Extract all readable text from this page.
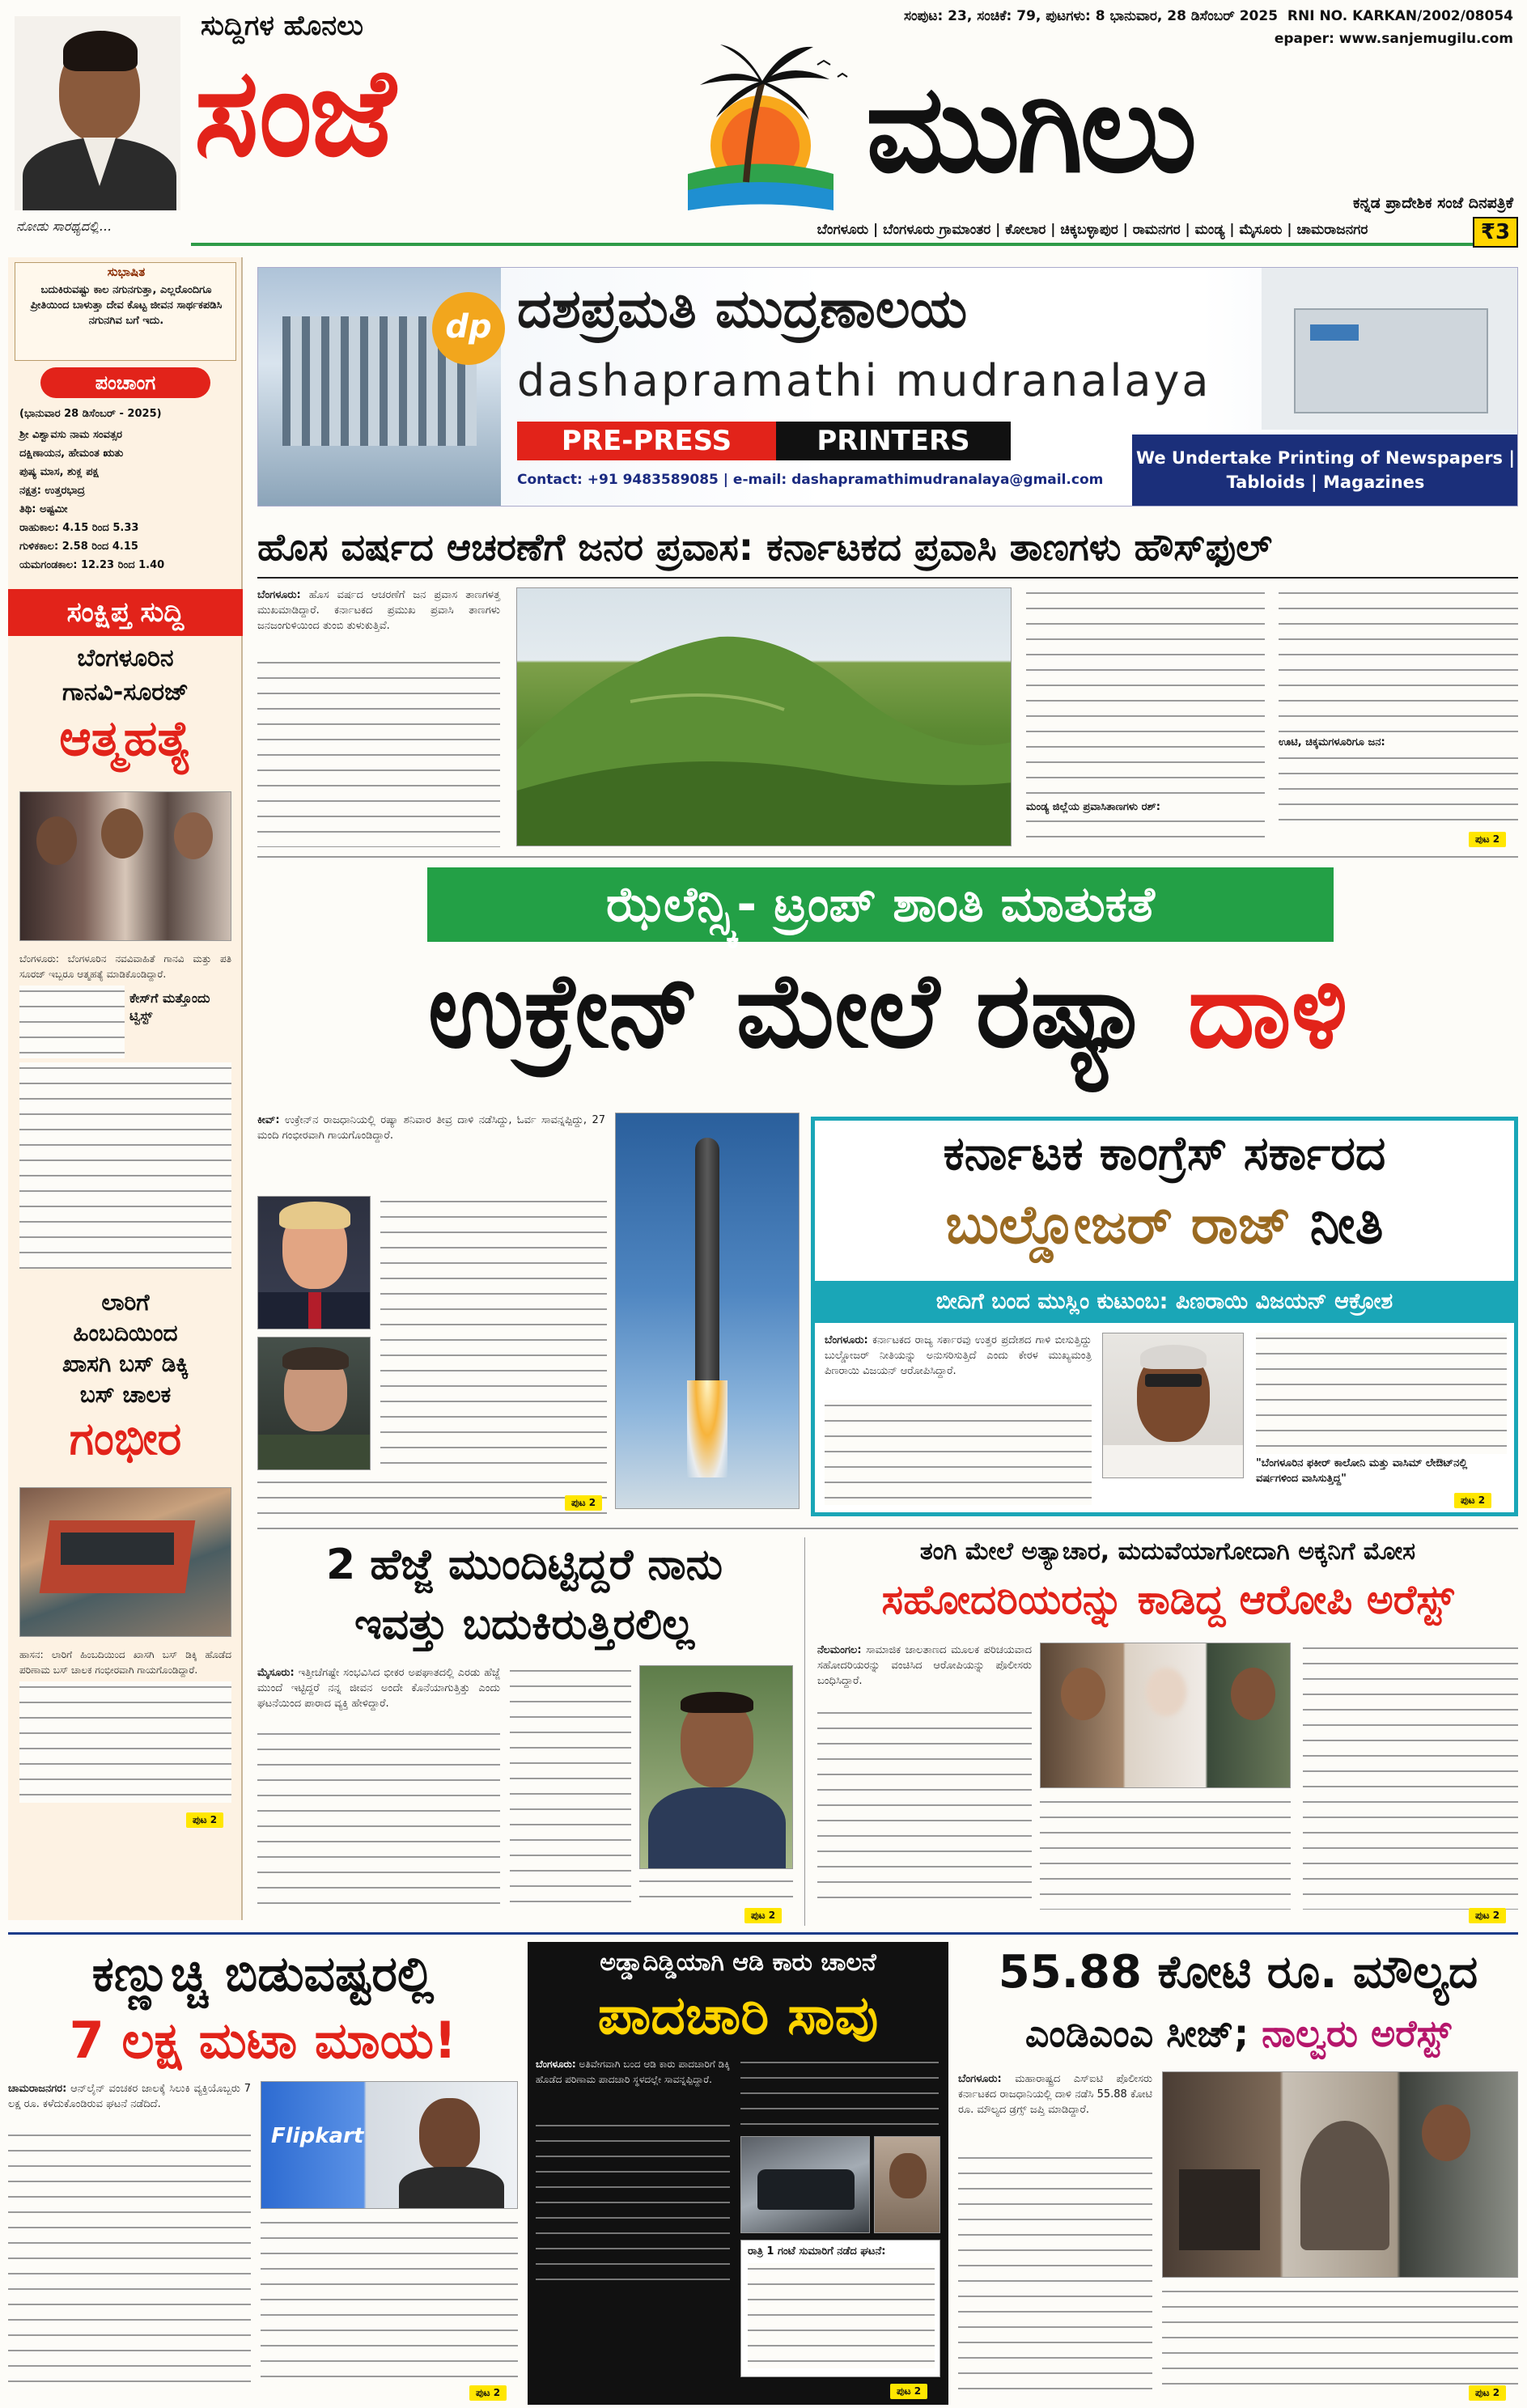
ನೋಡು ಸಾರಥ್ಯದಲ್ಲಿ...
ಸುದ್ದಿಗಳ ಹೊನಲು
ಸಂಜೆ	ಮುಗಿಲು
ಸಂಪುಟ: 23, ಸಂಚಿಕೆ: 79, ಪುಟಗಳು: 8 ಭಾನುವಾರ, 28 ಡಿಸೆಂಬರ್ 2025 RNI NO. KARKAN/2002/08054
epaper: www.sanjemugilu.com
ಕನ್ನಡ ಪ್ರಾದೇಶಿಕ ಸಂಜೆ ದಿನಪತ್ರಿಕೆ
ಬೆಂಗಳೂರು | ಬೆಂಗಳೂರು ಗ್ರಾಮಾಂತರ | ಕೋಲಾರ | ಚಿಕ್ಕಬಳ್ಳಾಪುರ | ರಾಮನಗರ | ಮಂಡ್ಯ | ಮೈಸೂರು | ಚಾಮರಾಜನಗರ	₹3
ಸುಭಾಷಿತ
ಬದುಕಿರುವಷ್ಟು ಕಾಲ ನಗುನಗುತ್ತಾ, ಎಲ್ಲರೊಂದಿಗೂ ಪ್ರೀತಿಯಿಂದ ಬಾಳುತ್ತಾ ದೇವ ಕೊಟ್ಟ ಜೀವನ ಸಾರ್ಥಕಪಡಿಸಿ ನಗುನಗಿವ ಬಗೆ ಇದು.
ಪಂಚಾಂಗ
(ಭಾನುವಾರ 28 ಡಿಸೆಂಬರ್ - 2025)
ಶ್ರೀ ವಿಶ್ವಾವಸು ನಾಮ ಸಂವತ್ಸರ
ದಕ್ಷಿಣಾಯನ, ಹೇಮಂತ ಋತು
ಪುಷ್ಯ ಮಾಸ, ಶುಕ್ಲ ಪಕ್ಷ
ನಕ್ಷತ್ರ: ಉತ್ತರಭಾದ್ರ
ತಿಥಿ: ಅಷ್ಟಮೀ
ರಾಹುಕಾಲ: 4.15 ರಿಂದ 5.33
ಗುಳಿಕಕಾಲ: 2.58 ರಿಂದ 4.15
ಯಮಗಂಡಕಾಲ: 12.23 ರಿಂದ 1.40
ಸಂಕ್ಷಿಪ್ತ ಸುದ್ದಿ
ಬೆಂಗಳೂರಿನ
ಗಾನವಿ-ಸೂರಜ್
ಆತ್ಮಹತ್ಯೆ
ಬೆಂಗಳೂರು: ಬೆಂಗಳೂರಿನ ನವವಿವಾಹಿತೆ ಗಾನವಿ ಮತ್ತು ಪತಿ ಸೂರಜ್ ಇಬ್ಬರೂ ಆತ್ಮಹತ್ಯೆ ಮಾಡಿಕೊಂಡಿದ್ದಾರೆ.
ಕೇಸ್‌ಗೆ ಮತ್ತೊಂದು ಟ್ವಿಸ್ಟ್
ಲಾರಿಗೆ
ಹಿಂಬದಿಯಿಂದ
ಖಾಸಗಿ ಬಸ್ ಡಿಕ್ಕಿ
ಬಸ್ ಚಾಲಕ
ಗಂಭೀರ
ಹಾಸನ: ಲಾರಿಗೆ ಹಿಂಬದಿಯಿಂದ ಖಾಸಗಿ ಬಸ್ ಡಿಕ್ಕಿ ಹೊಡೆದ ಪರಿಣಾಮ ಬಸ್ ಚಾಲಕ ಗಂಭೀರವಾಗಿ ಗಾಯಗೊಂಡಿದ್ದಾರೆ.
ಪುಟ 2
dp ದಶಪ್ರಮತಿ ಮುದ್ರಣಾಲಯ
dashapramathi mudranalaya
PRE-PRESS	PRINTERS
Contact: +91 9483589085 | e-mail: dashapramathimudranalaya@gmail.com
We Undertake Printing of Newspapers | Tabloids | Magazines
ಹೊಸ ವರ್ಷದ ಆಚರಣೆಗೆ ಜನರ ಪ್ರವಾಸ: ಕರ್ನಾಟಕದ ಪ್ರವಾಸಿ ತಾಣಗಳು ಹೌಸ್‌ಫುಲ್
ಬೆಂಗಳೂರು: ಹೊಸ ವರ್ಷದ ಆಚರಣೆಗೆ ಜನ ಪ್ರವಾಸ ತಾಣಗಳತ್ತ ಮುಖಮಾಡಿದ್ದಾರೆ. ಕರ್ನಾಟಕದ ಪ್ರಮುಖ ಪ್ರವಾಸಿ ತಾಣಗಳು ಜನಜಂಗುಳಿಯಿಂದ ತುಂಬಿ ತುಳುಕುತ್ತಿವೆ.
ಮಂಡ್ಯ ಜಿಲ್ಲೆಯ ಪ್ರವಾಸಿತಾಣಗಳು ರಶ್:
ಊಟಿ, ಚಿಕ್ಕಮಗಳೂರಿಗೂ ಜನ:
ಪುಟ 2
ಝೆಲೆನ್ಸ್ಕಿ- ಟ್ರಂಪ್ ಶಾಂತಿ ಮಾತುಕತೆ
ಉಕ್ರೇನ್ ಮೇಲೆ ರಷ್ಯಾ ದಾಳಿ
ಕೀವ್: ಉಕ್ರೇನ್‌ನ ರಾಜಧಾನಿಯಲ್ಲಿ ರಷ್ಯಾ ಶನಿವಾರ ತೀವ್ರ ದಾಳಿ ನಡೆಸಿದ್ದು, ಓರ್ವ ಸಾವನ್ನಪ್ಪಿದ್ದು, 27 ಮಂದಿ ಗಂಭೀರವಾಗಿ ಗಾಯಗೊಂಡಿದ್ದಾರೆ.
ಪುಟ 2
ಕರ್ನಾಟಕ ಕಾಂಗ್ರೆಸ್ ಸರ್ಕಾರದ
ಬುಲ್ಡೋಜರ್ ರಾಜ್ ನೀತಿ
ಬೀದಿಗೆ ಬಂದ ಮುಸ್ಲಿಂ ಕುಟುಂಬ: ಪಿಣರಾಯಿ ವಿಜಯನ್ ಆಕ್ರೋಶ
ಬೆಂಗಳೂರು: ಕರ್ನಾಟಕದ ರಾಜ್ಯ ಸರ್ಕಾರವು ಉತ್ತರ ಪ್ರದೇಶದ ಗಾಳಿ ಬೀಸುತ್ತಿದ್ದು ಬುಲ್ಡೋಜರ್ ನೀತಿಯನ್ನು ಅನುಸರಿಸುತ್ತಿದೆ ಎಂದು ಕೇರಳ ಮುಖ್ಯಮಂತ್ರಿ ಪಿಣರಾಯಿ ವಿಜಯನ್ ಆರೋಪಿಸಿದ್ದಾರೆ.
"ಬೆಂಗಳೂರಿನ ಫಕೀರ್ ಕಾಲೋನಿ ಮತ್ತು ವಾಸಿಮ್ ಲೇಔಟ್‌ನಲ್ಲಿ ವರ್ಷಗಳಿಂದ ವಾಸಿಸುತ್ತಿದ್ದ"
ಪುಟ 2
2 ಹೆಜ್ಜೆ ಮುಂದಿಟ್ಟಿದ್ದರೆ ನಾನು
ಇವತ್ತು ಬದುಕಿರುತ್ತಿರಲಿಲ್ಲ
ಮೈಸೂರು: ಇತ್ತೀಚೆಗಷ್ಟೇ ಸಂಭವಿಸಿದ ಭೀಕರ ಅಪಘಾತದಲ್ಲಿ ಎರಡು ಹೆಜ್ಜೆ ಮುಂದೆ ಇಟ್ಟಿದ್ದರೆ ನನ್ನ ಜೀವನ ಅಂದೇ ಕೊನೆಯಾಗುತ್ತಿತ್ತು ಎಂದು ಘಟನೆಯಿಂದ ಪಾರಾದ ವ್ಯಕ್ತಿ ಹೇಳಿದ್ದಾರೆ.
ಪುಟ 2
ತಂಗಿ ಮೇಲೆ ಅತ್ಯಾಚಾರ, ಮದುವೆಯಾಗೋದಾಗಿ ಅಕ್ಕನಿಗೆ ಮೋಸ
ಸಹೋದರಿಯರನ್ನು ಕಾಡಿದ್ದ ಆರೋಪಿ ಅರೆಸ್ಟ್
ನೆಲಮಂಗಲ: ಸಾಮಾಜಿಕ ಜಾಲತಾಣದ ಮೂಲಕ ಪರಿಚಯವಾದ ಸಹೋದರಿಯರನ್ನು ವಂಚಿಸಿದ ಆರೋಪಿಯನ್ನು ಪೊಲೀಸರು ಬಂಧಿಸಿದ್ದಾರೆ.
ಪುಟ 2
ಕಣ್ಣುಚ್ಚಿ ಬಿಡುವಷ್ಟರಲ್ಲಿ
7 ಲಕ್ಷ ಮಟಾ ಮಾಯ!
ಚಾಮರಾಜನಗರ: ಆನ್‌ಲೈನ್ ವಂಚಕರ ಜಾಲಕ್ಕೆ ಸಿಲುಕಿ ವ್ಯಕ್ತಿಯೊಬ್ಬರು 7 ಲಕ್ಷ ರೂ. ಕಳೆದುಕೊಂಡಿರುವ ಘಟನೆ ನಡೆದಿದೆ.
Flipkart
ಪುಟ 2
ಅಡ್ಡಾದಿಡ್ಡಿಯಾಗಿ ಆಡಿ ಕಾರು ಚಾಲನೆ
ಪಾದಚಾರಿ ಸಾವು
ಬೆಂಗಳೂರು: ಅತಿವೇಗವಾಗಿ ಬಂದ ಆಡಿ ಕಾರು ಪಾದಚಾರಿಗೆ ಡಿಕ್ಕಿ ಹೊಡೆದ ಪರಿಣಾಮ ಪಾದಚಾರಿ ಸ್ಥಳದಲ್ಲೇ ಸಾವನ್ನಪ್ಪಿದ್ದಾರೆ.
ರಾತ್ರಿ 1 ಗಂಟೆ ಸುಮಾರಿಗೆ ನಡೆದ ಘಟನೆ:
ಪುಟ 2
55.88 ಕೋಟಿ ರೂ. ಮೌಲ್ಯದ
ಎಂಡಿಎಂಎ ಸೀಜ್; ನಾಲ್ವರು ಅರೆಸ್ಟ್
ಬೆಂಗಳೂರು: ಮಹಾರಾಷ್ಟ್ರದ ಎಸ್‌ಐಟಿ ಪೊಲೀಸರು ಕರ್ನಾಟಕದ ರಾಜಧಾನಿಯಲ್ಲಿ ದಾಳಿ ನಡೆಸಿ 55.88 ಕೋಟಿ ರೂ. ಮೌಲ್ಯದ ಡ್ರಗ್ಸ್ ಜಪ್ತಿ ಮಾಡಿದ್ದಾರೆ.
ಪುಟ 2
